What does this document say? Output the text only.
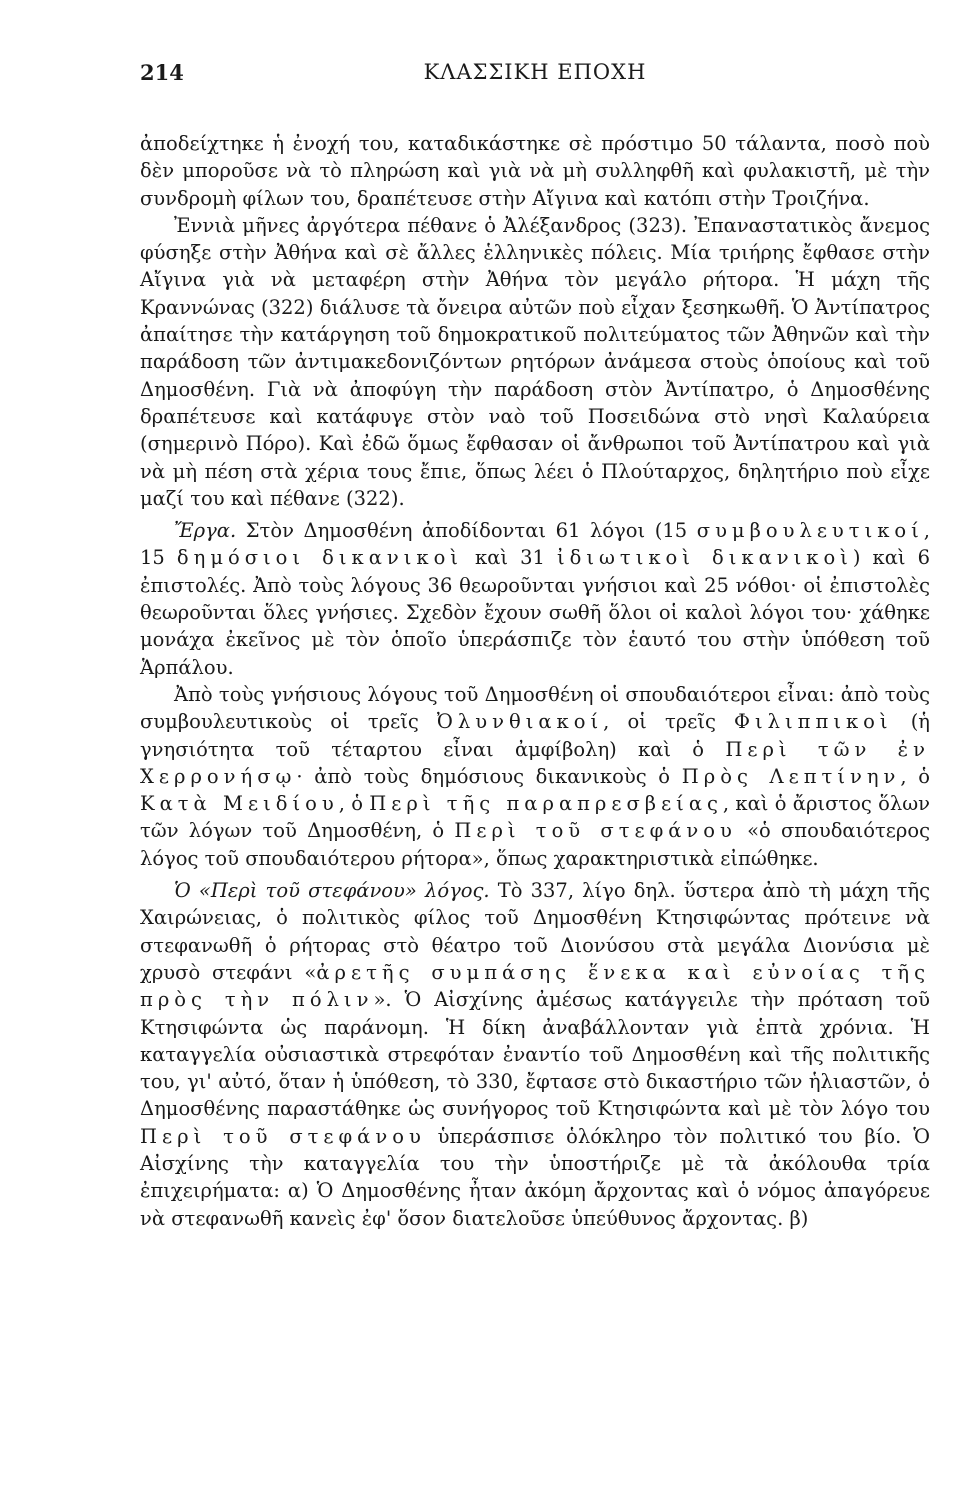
214	ΚΛΑΣΣΙΚΗ ΕΠΟΧΗ

ἀποδείχτηκε ἡ ἐνοχή του, καταδικάστηκε σὲ πρόστιμο 50 τάλαντα, ποσὸ ποὺ δὲν μποροῦσε νὰ τὸ πληρώση καὶ γιὰ νὰ μὴ συλληφθῆ καὶ φυλακιστῆ, μὲ τὴν συνδρομὴ φίλων του, δραπέτευσε στὴν Αἴγινα καὶ κατόπι στὴν Τροιζήνα.

Ἐννιὰ μῆνες ἀργότερα πέθανε ὁ Ἀλέξανδρος (323). Ἐπαναστατικὸς ἄνεμος φύσηξε στὴν Ἀθήνα καὶ σὲ ἄλλες ἑλληνικὲς πόλεις. Μία τριήρης ἔφθασε στὴν Αἴγινα γιὰ νὰ μεταφέρη στὴν Ἀθήνα τὸν μεγάλο ρήτορα. Ἡ μάχη τῆς Κραννώνας (322) διάλυσε τὰ ὄνειρα αὐτῶν ποὺ εἶχαν ξεσηκωθῆ. Ὁ Ἀντίπατρος ἀπαίτησε τὴν κατάργηση τοῦ δημοκρατικοῦ πολιτεύματος τῶν Ἀθηνῶν καὶ τὴν παράδοση τῶν ἀντιμακεδονιζόντων ρητόρων ἀνάμεσα στοὺς ὁποίους καὶ τοῦ Δημοσθένη. Γιὰ νὰ ἀποφύγη τὴν παράδοση στὸν Ἀντίπατρο, ὁ Δημοσθένης δραπέτευσε καὶ κατάφυγε στὸν ναὸ τοῦ Ποσειδώνα στὸ νησὶ Καλαύρεια (σημερινὸ Πόρο). Καὶ ἐδῶ ὅμως ἔφθασαν οἱ ἄνθρωποι τοῦ Ἀντίπατρου καὶ γιὰ νὰ μὴ πέση στὰ χέρια τους ἔπιε, ὅπως λέει ὁ Πλούταρχος, δηλητήριο ποὺ εἶχε μαζί του καὶ πέθανε (322).

Ἔργα. Στὸν Δημοσθένη ἀποδίδονται 61 λόγοι (15 συμβουλευτικοί, 15 δημόσιοι δικανικοὶ καὶ 31 ἰδιωτικοὶ δικανικοὶ) καὶ 6 ἐπιστολές. Ἀπὸ τοὺς λόγους 36 θεωροῦνται γνήσιοι καὶ 25 νόθοι· οἱ ἐπιστολὲς θεωροῦνται ὅλες γνήσιες. Σχεδὸν ἔχουν σωθῆ ὅλοι οἱ καλοὶ λόγοι του· χάθηκε μονάχα ἐκεῖνος μὲ τὸν ὁποῖο ὑπεράσπιζε τὸν ἑαυτό του στὴν ὑπόθεση τοῦ Ἁρπάλου.

Ἀπὸ τοὺς γνήσιους λόγους τοῦ Δημοσθένη οἱ σπουδαιότεροι εἶναι: ἀπὸ τοὺς συμβουλευτικοὺς οἱ τρεῖς Ὀλυνθιακοί, οἱ τρεῖς Φιλιππικοὶ (ἡ γνησιότητα τοῦ τέταρτου εἶναι ἀμφίβολη) καὶ ὁ Περὶ τῶν ἐν Χερρονήσῳ· ἀπὸ τοὺς δημόσιους δικανικοὺς ὁ Πρὸς Λεπτίνην, ὁ Κατὰ Μειδίου, ὁ Περὶ τῆς παραπρεσβείας, καὶ ὁ ἄριστος ὅλων τῶν λόγων τοῦ Δημοσθένη, ὁ Περὶ τοῦ στεφάνου «ὁ σπουδαιότερος λόγος τοῦ σπουδαιότερου ρήτορα», ὅπως χαρακτηριστικὰ εἰπώθηκε.

Ὁ «Περὶ τοῦ στεφάνου» λόγος. Τὸ 337, λίγο δηλ. ὕστερα ἀπὸ τὴ μάχη τῆς Χαιρώνειας, ὁ πολιτικὸς φίλος τοῦ Δημοσθένη Κτησιφώντας πρότεινε νὰ στεφανωθῆ ὁ ρήτορας στὸ θέατρο τοῦ Διονύσου στὰ μεγάλα Διονύσια μὲ χρυσὸ στεφάνι «ἀρετῆς συμπάσης ἕνεκα καὶ εὐνοίας τῆς πρὸς τὴν πόλιν». Ὁ Αἰσχίνης ἀμέσως κατάγγειλε τὴν πρόταση τοῦ Κτησιφώντα ὡς παράνομη. Ἡ δίκη ἀναβάλλονταν γιὰ ἑπτὰ χρόνια. Ἡ καταγγελία οὐσιαστικὰ στρεφόταν ἐναντίο τοῦ Δημοσθένη καὶ τῆς πολιτικῆς του, γι' αὐτό, ὅταν ἡ ὑπόθεση, τὸ 330, ἔφτασε στὸ δικαστήριο τῶν ἡλιαστῶν, ὁ Δημοσθένης παραστάθηκε ὡς συνήγορος τοῦ Κτησιφώντα καὶ μὲ τὸν λόγο του Περὶ τοῦ στεφάνου ὑπεράσπισε ὁλόκληρο τὸν πολιτικό του βίο. Ὁ Αἰσχίνης τὴν καταγγελία του τὴν ὑποστήριζε μὲ τὰ ἀκόλουθα τρία ἐπιχειρήματα: α) Ὁ Δημοσθένης ἦταν ἀκόμη ἄρχοντας καὶ ὁ νόμος ἀπαγόρευε νὰ στεφανωθῆ κανεὶς ἐφ' ὅσον διατελοῦσε ὑπεύθυνος ἄρχοντας. β)
